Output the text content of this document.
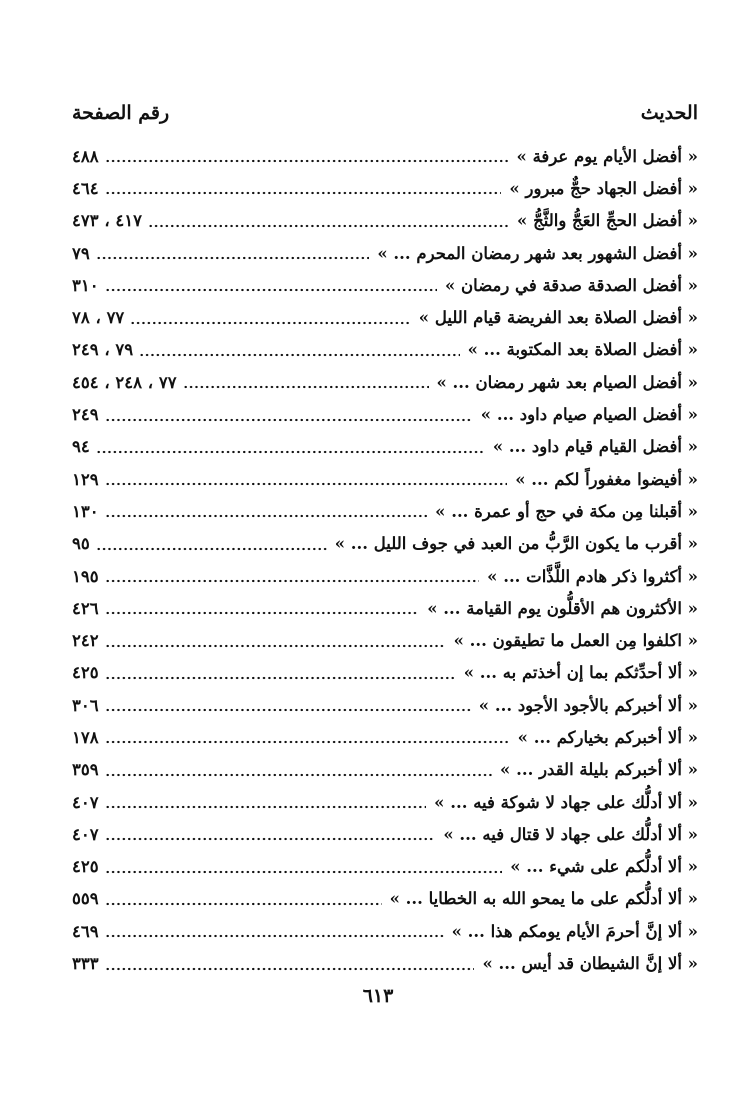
الحديث
رقم الصفحة
« أفضل الأيام يوم عرفة »
٤٨٨
« أفضل الجهاد حجٌّ مبرور »
٤٦٤
« أفضل الحجِّ العَجُّ والثَّجُّ »
٤١٧ ، ٤٧٣
« أفضل الشهور بعد شهر رمضان المحرم ... »
٧٩
« أفضل الصدقة صدقة في رمضان »
٣١٠
« أفضل الصلاة بعد الفريضة قيام الليل »
٧٧ ، ٧٨
« أفضل الصلاة بعد المكتوبة ... »
٧٩ ، ٢٤٩
« أفضل الصيام بعد شهر رمضان ... »
٧٧ ، ٢٤٨ ، ٤٥٤
« أفضل الصيام صيام داود ... »
٢٤٩
« أفضل القيام قيام داود ... »
٩٤
« أفيضوا مغفوراً لكم ... »
١٢٩
« أقبلنا مِن مكة في حج أو عمرة ... »
١٣٠
« أقرب ما يكون الرَّبُّ من العبد في جوف الليل ... »
٩٥
« أكثروا ذكر هادم اللَّذَّات ... »
١٩٥
« الأكثرون هم الأقلُّون يوم القيامة ... »
٤٢٦
« اكلفوا مِن العمل ما تطيقون ... »
٢٤٢
« ألا أحدِّثكم بما إن أخذتم به ... »
٤٢٥
« ألا أخبركم بالأجود الأجود ... »
٣٠٦
« ألا أخبركم بخياركم ... »
١٧٨
« ألا أخبركم بليلة القدر ... »
٣٥٩
« ألا أدلُّك على جهاد لا شوكة فيه ... »
٤٠٧
« ألا أدلُّك على جهاد لا قتال فيه ... »
٤٠٧
« ألا أدلُّكم على شيء ... »
٤٢٥
« ألا أدلُّكم على ما يمحو الله به الخطايا ... »
٥٥٩
« ألا إنَّ أحرمَ الأيام يومكم هذا ... »
٤٦٩
« ألا إنَّ الشيطان قد أيس ... »
٣٣٣
٦١٣
